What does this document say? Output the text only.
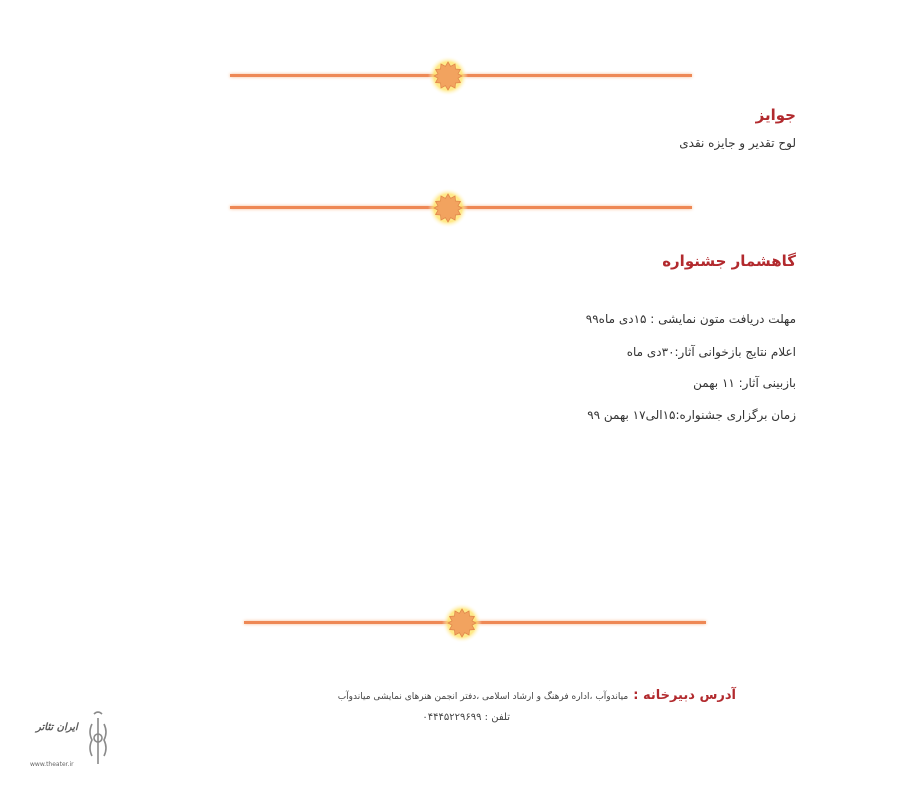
جوایز
لوح تقدیر و جایزه نقدی
گاهشمار جشنواره
مهلت دریافت متون نمایشی : ۱۵دی ماه۹۹
اعلام نتایج بازخوانی آثار:۳۰دی ماه
بازبینی آثار: ۱۱ بهمن
زمان برگزاری جشنواره:۱۵الی۱۷ بهمن ۹۹
آدرس دبیرخانه : میاندوآب ،اداره فرهنگ و ارشاد اسلامی ،دفتر انجمن هنرهای نمایشی میاندوآب
تلفن : ۰۴۴۴۵۲۲۹۶۹۹
ایران تئاتر
www.theater.ir
